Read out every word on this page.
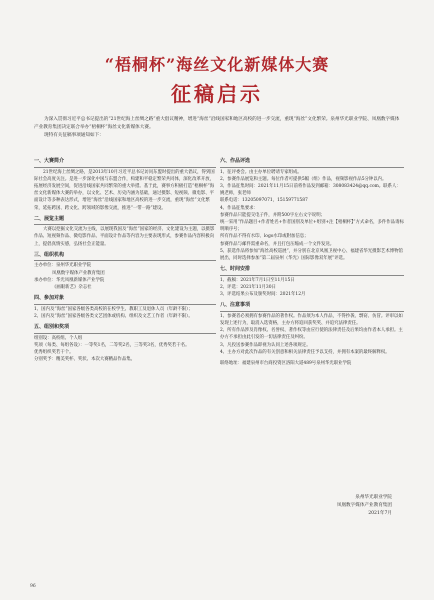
“梧桐杯”海丝文化新媒体大赛
征稿启示

为深入贯彻习近平总书记提出的“21世纪海上丝绸之路”重大倡议精神，增进“海丝”沿线国家和地区高校的进一步交流，重现“海丝”文化繁荣。泉州华光职业学院、凤凰数字媒体产业教育集团决定联合举办“梧桐杯”海丝文化新媒体大赛。

现特有关征稿事项通知如下：

一、大赛简介

21世纪海上丝绸之路，是2013年10月习近平总书记访问东盟时提出的重大倡议，得到国际社会高度关注。是进一步深化中国与东盟合作，构建和平稳定繁荣共同体，深化改革开放，拓展经济发展空间，促进沿线国家共同繁荣的重大举措。基于此，赛事方积极打造“梧桐杯”海丝文化新媒体大赛的举办，以文化、艺术、历史内涵为基础，通过摄影、短视频、微电影、平面设计等多种表达形式，增进“海丝”沿线国家和地区高校的进一步交流，重现“海丝”文化繁荣，延拓跨国、跨文化、跨领域的影像交流，推进“一带一路”建设。

二、展览主题

大赛以挖掘文化交流为主线，以展现我国及“海丝”国家的经济、文化建设为主题，以摄影作品、短视频作品、微电影作品、平面设计作品等内容为主要表现形式，参赛作品内容积极向上，提倡真情实感，弘扬社会正能量。

三、组织机构
主办单位：泉州华光职业学院
凤凰数字媒体产业教育集团
承办单位：华光凤凰新媒体产业学院
《画眼新艺》杂志社
四、参加对象
1、国内及“海丝”国家各级各类高校的在校学生、教职工及退休人员（年龄不限）；
2、国内及“海丝”国家各级各类文艺团体或机构、组织及文艺工作者（年龄不限）。
五、组别和奖项
组别设：高校组、个人组
奖项（每类、每组各设）：一等奖1名，二等奖2名，三等奖3名，优秀奖若干名。
优秀组织奖若干个。
分别奖予：精美奖杯、奖状、本次大赛精品作品集。
六、作品评选
1、征评委会。由主办单位聘请专家组成。
2、参赛作品展览和主题。每位作者可提供5幅（组）作品，视频影视作品5分钟以内。
3、作品征集时间：2021年11月15日前将作品发到邮箱：308083424@qq.com。联系人：姚老师，张老师
联系电话：13205097071，15159771587
4、作品征集要求：
参赛作品只能提交电子件，并附500字左右文字说明；
统一采用“作品题目+作者姓名+作者国别及单位+组别+注【梧桐杯】”方式命名，多件作品请标明顺序号；
所有作品不得有水印、logo水印或附加信息；
参赛作品与邮件需重命名，并且打包压缩成一个文件发送。
5、获选作品将参加“海丝高校巡展”，并分别在北京凤凰卫视中心、福建省华光摄影艺术博物馆展出，同时选择参加“第二届泉州（华光）国际影像双年展”评选。
七、时间安排
1、截稿：2021年7月1日至11月15日
2、评选：2021年11月30日
3、评选结果公布及颁奖时间：2021年12月
八、注意事项
1、参赛者必须拥有参赛作品的著作权。作品须为本人作品，不得抄袭、剽窃、仿冒。评审以如发现上述行为，取消入选资格，主办方将追回获奖奖、并追究法律责任。
2、所有作品涉及肖像权、名誉权、著作权等由应行使的法律责任及后果均由作者本人承担。主办方不承担由此引发的一切法律责任及纠纷。
3、凡投送参赛作品即视为认同上述各项规定。
4、主办方对此次作品的有关创意和相关法律责任予以支持，并拥有本案的最终解释权。
联络地址：福建泉州市台商投资区洛阳大道489号泉州华光职业学院
泉州华光职业学院
凤凰数字媒体产业教育集团
2021年7月
96
